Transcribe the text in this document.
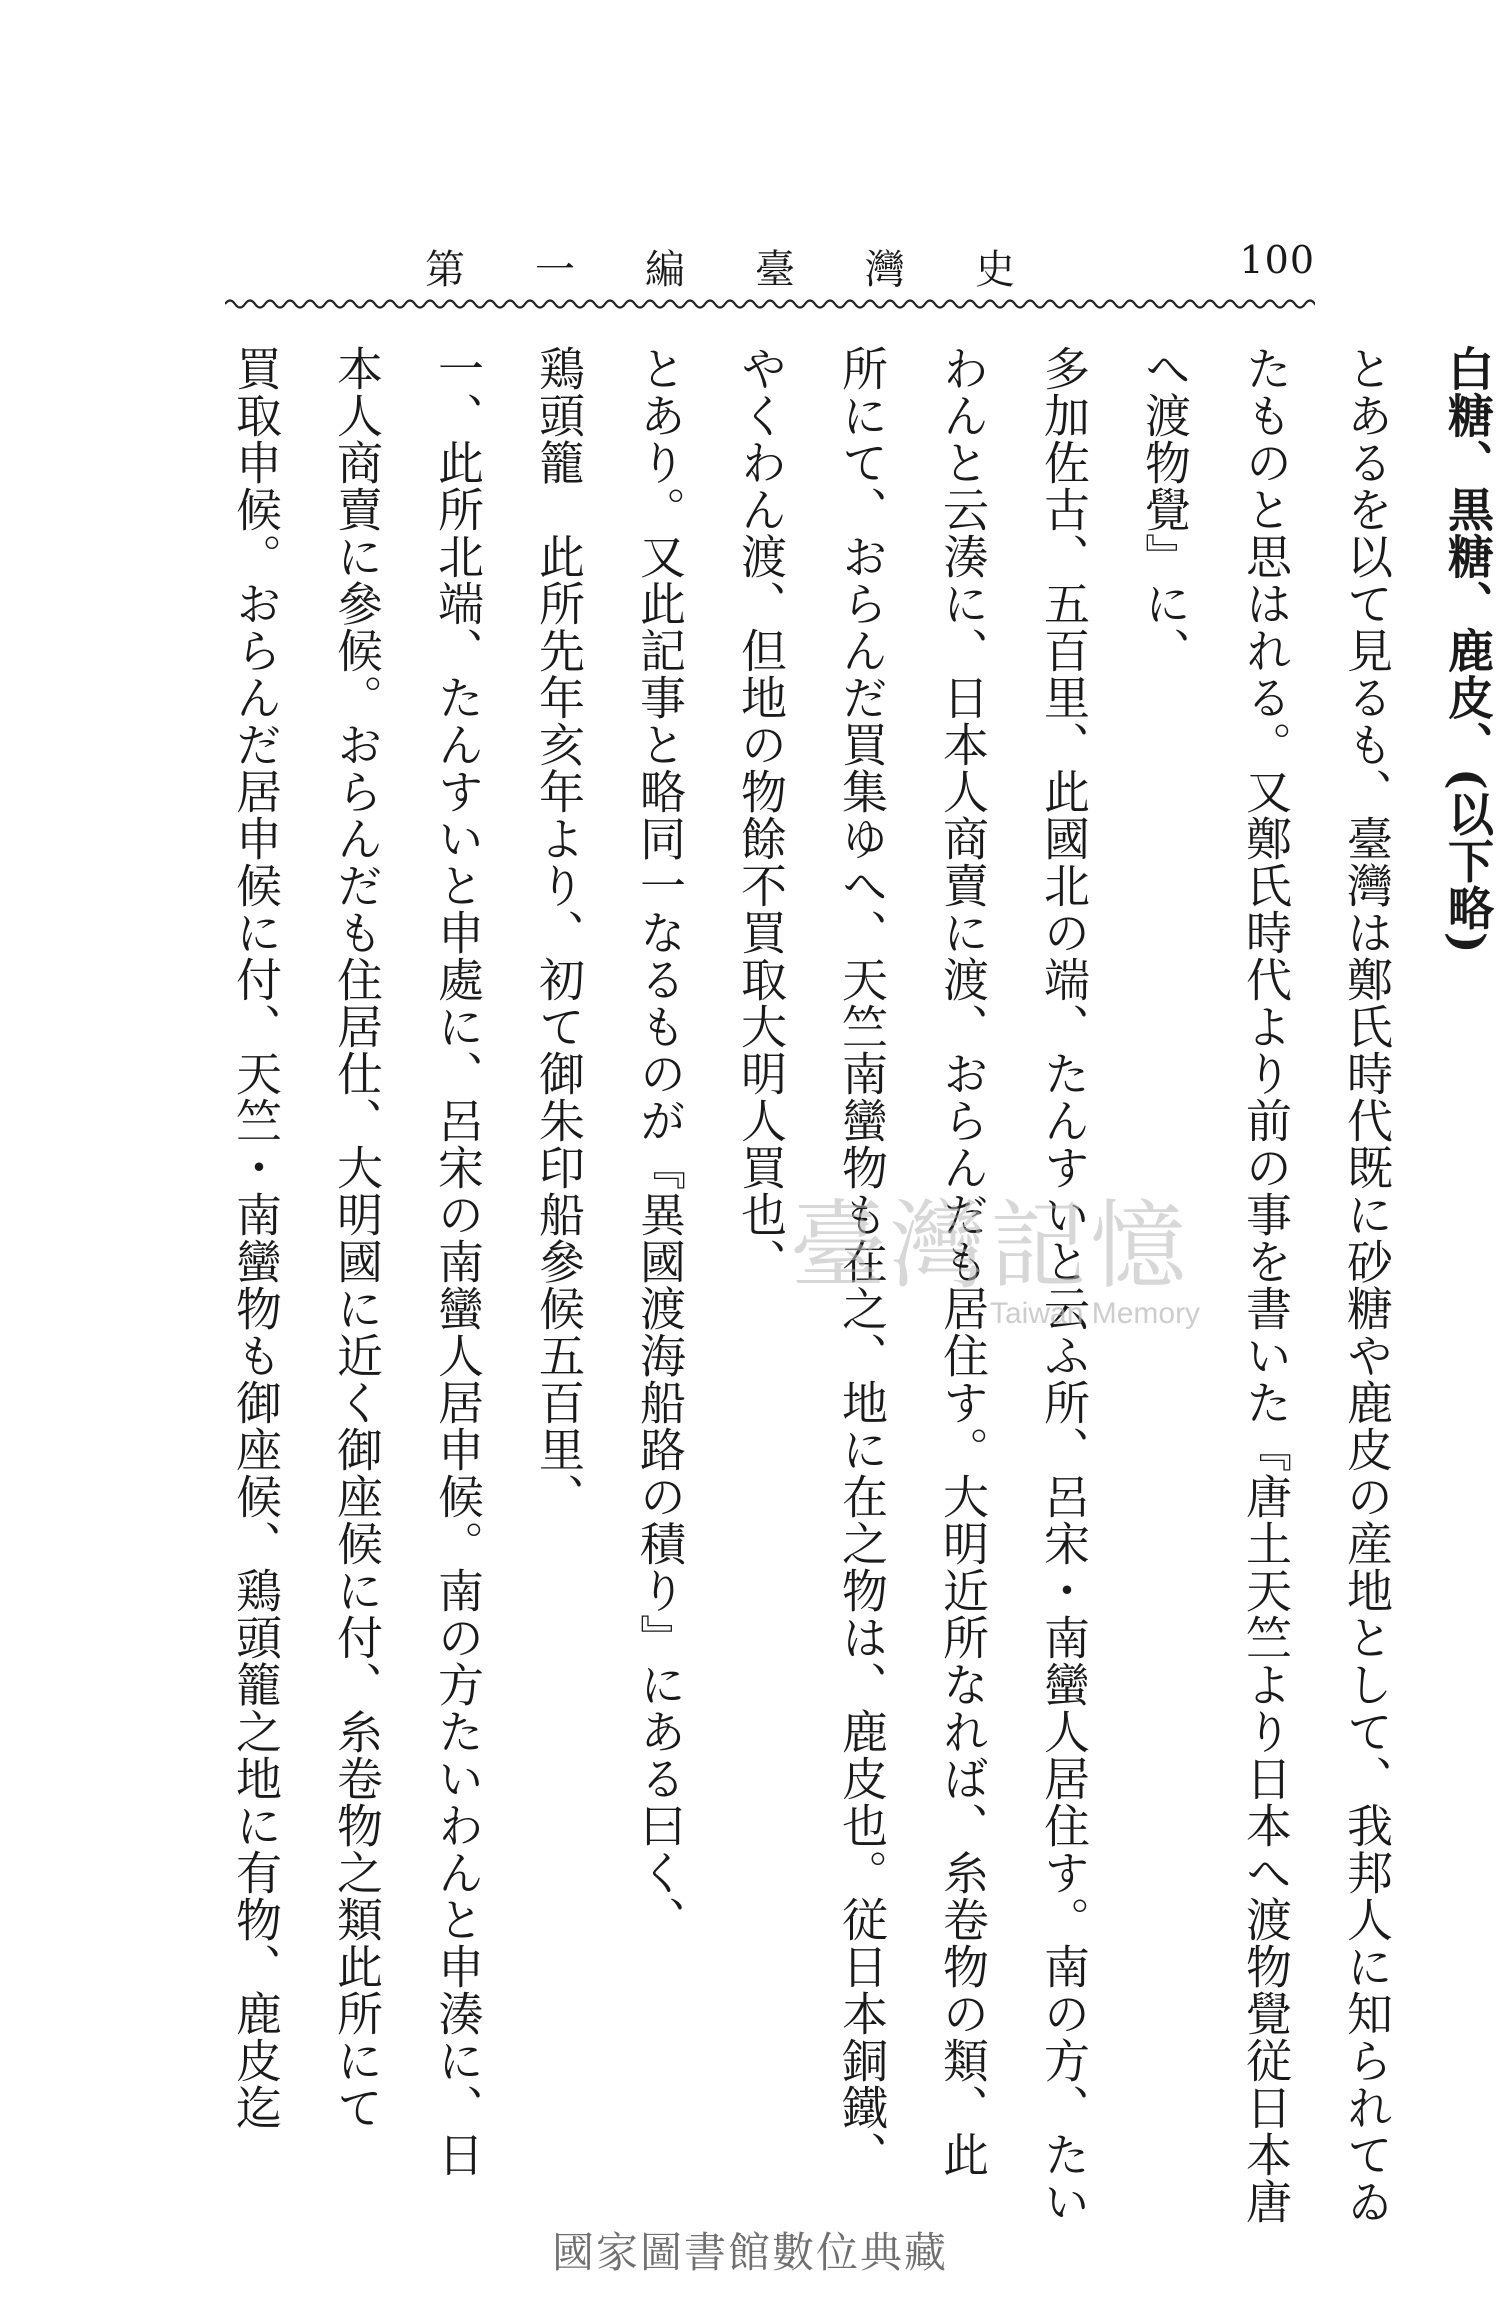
第一編臺灣史	100
白糖、黒糖、鹿皮、(以下略)
とあるを以て見るも、臺灣は鄭氏時代既に砂糖や鹿皮の産地として、我邦人に知られてゐ
たものと思はれる。又鄭氏時代より前の事を書いた『唐土天竺より日本へ渡物覺従日本唐
へ渡物覺』に、
多加佐古、五百里、此國北の端、たんすいと云ふ所、呂宋・南蠻人居住す。南の方、たい
わんと云湊に、日本人商賣に渡、おらんだも居住す。大明近所なれば、糸卷物の類、此
所にて、おらんだ買集ゆへ、天竺南蠻物も在之、地に在之物は、鹿皮也。従日本銅鐵、
やくわん渡、但地の物餘不買取大明人買也、
とあり。又此記事と略同一なるものが『異國渡海船路の積り』にある曰く、
鶏頭籠　此所先年亥年より、初て御朱印船參候五百里、
一、此所北端、たんすいと申處に、呂宋の南蠻人居申候。南の方たいわんと申湊に、日
本人商賣に參候。おらんだも住居仕、大明國に近く御座候に付、糸卷物之類此所にて
買取申候。おらんだ居申候に付、天竺・南蠻物も御座候、鶏頭籠之地に有物、鹿皮迄	臺灣記憶
Taiwan Memory
國家圖書館數位典藏
